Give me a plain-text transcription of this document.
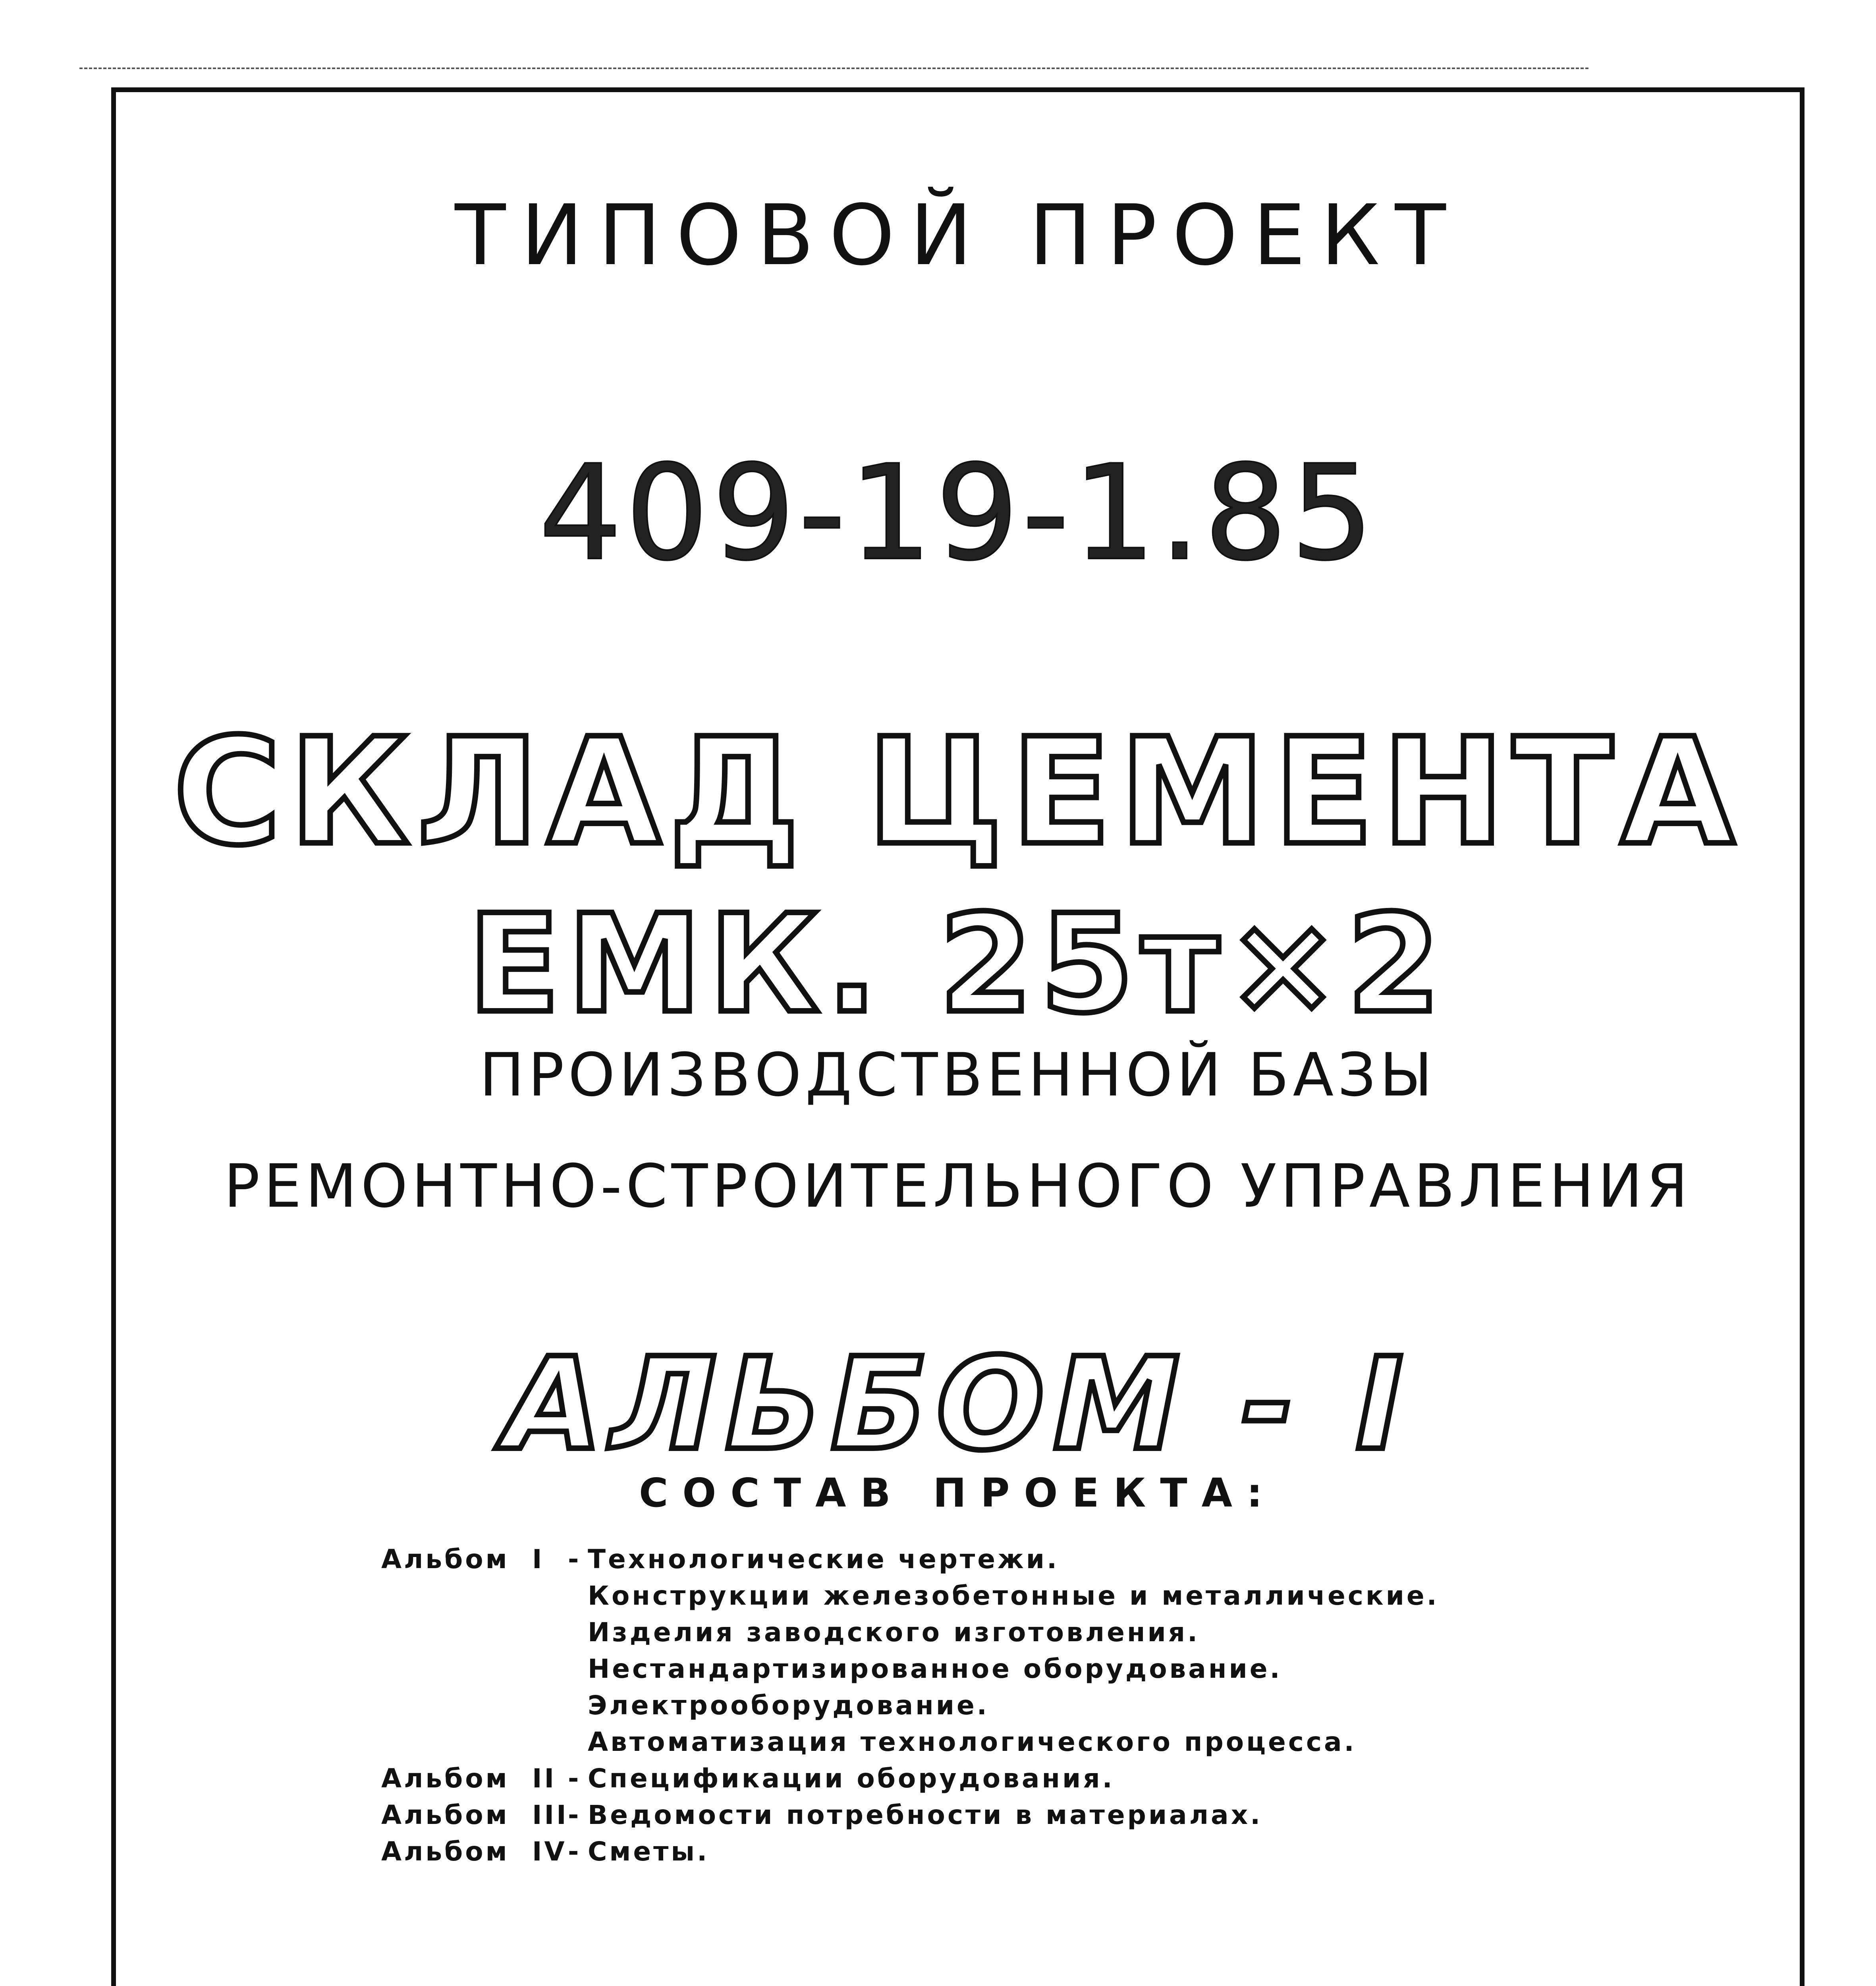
ТИПОВОЙ ПРОЕКТ
409-19-1.85
СКЛАД ЦЕМЕНТА
ЕМК. 25т×2
ПРОИЗВОДСТВЕННОЙ БАЗЫ
РЕМОНТНО-СТРОИТЕЛЬНОГО УПРАВЛЕНИЯ
АЛЬБОМ - I
СОСТАВ ПРОЕКТА:
Альбом I - Технологические чертежи.
Конструкции железобетонные и металлические.
Изделия заводского изготовления.
Нестандартизированное оборудование.
Электрооборудование.
Автоматизация технологического процесса.
Альбом II - Спецификации оборудования.
Альбом III
- Ведомости потребности в материалах.
Альбом IV - Сметы.
